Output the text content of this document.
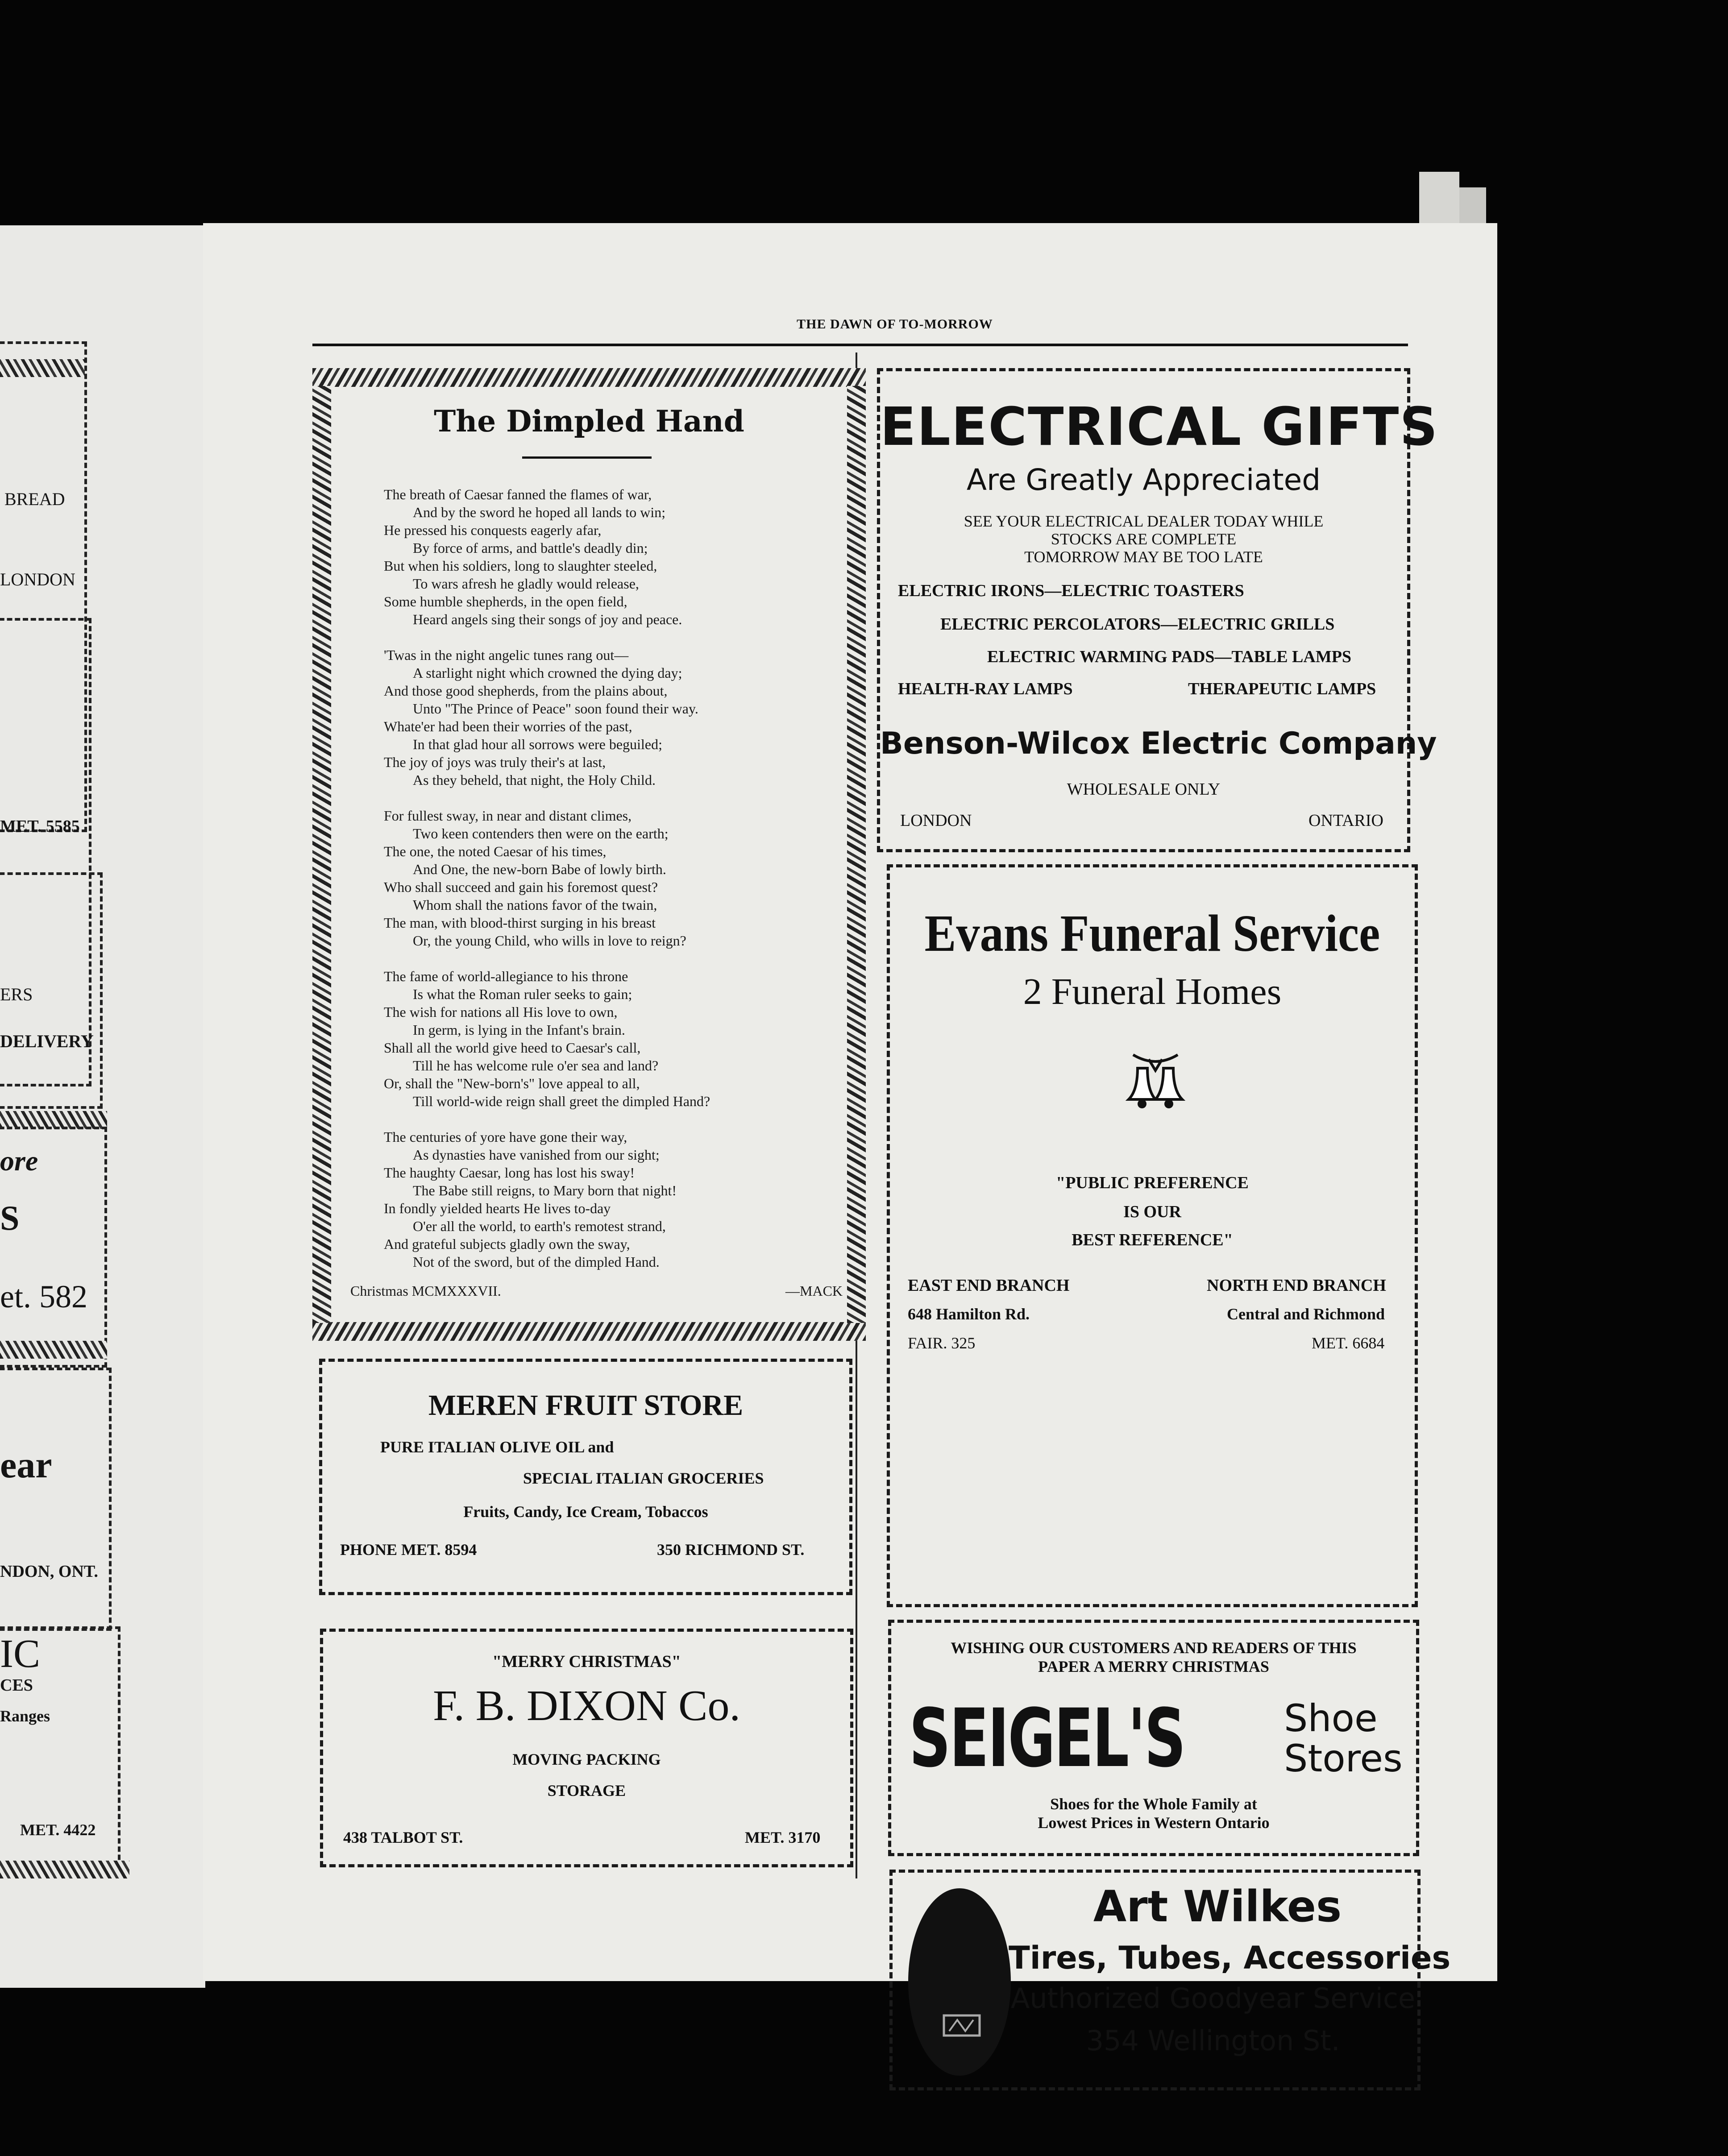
BREAD
LONDON
MET. 5585
ERS
DELIVERY
ore
S
et. 582
ear
NDON, ONT.
IC
CES
Ranges
MET. 4422
THE DAWN OF TO-MORROW
The Dimpled Hand
The breath of Caesar fanned the flames of war,
And by the sword he hoped all lands to win;
He pressed his conquests eagerly afar,
By force of arms, and battle's deadly din;
But when his soldiers, long to slaughter steeled,
To wars afresh he gladly would release,
Some humble shepherds, in the open field,
Heard angels sing their songs of joy and peace.
'Twas in the night angelic tunes rang out—
A starlight night which crowned the dying day;
And those good shepherds, from the plains about,
Unto "The Prince of Peace" soon found their way.
Whate'er had been their worries of the past,
In that glad hour all sorrows were beguiled;
The joy of joys was truly their's at last,
As they beheld, that night, the Holy Child.
For fullest sway, in near and distant climes,
Two keen contenders then were on the earth;
The one, the noted Caesar of his times,
And One, the new-born Babe of lowly birth.
Who shall succeed and gain his foremost quest?
Whom shall the nations favor of the twain,
The man, with blood-thirst surging in his breast
Or, the young Child, who wills in love to reign?
The fame of world-allegiance to his throne
Is what the Roman ruler seeks to gain;
The wish for nations all His love to own,
In germ, is lying in the Infant's brain.
Shall all the world give heed to Caesar's call,
Till he has welcome rule o'er sea and land?
Or, shall the "New-born's" love appeal to all,
Till world-wide reign shall greet the dimpled Hand?
The centuries of yore have gone their way,
As dynasties have vanished from our sight;
The haughty Caesar, long has lost his sway!
The Babe still reigns, to Mary born that night!
In fondly yielded hearts He lives to-day
O'er all the world, to earth's remotest strand,
And grateful subjects gladly own the sway,
Not of the sword, but of the dimpled Hand.
Christmas MCMXXXVII.	—MACK
MEREN FRUIT STORE
PURE ITALIAN OLIVE OIL and
SPECIAL ITALIAN GROCERIES
Fruits, Candy, Ice Cream, Tobaccos
PHONE MET. 8594	350 RICHMOND ST.
"MERRY CHRISTMAS"
F. B. DIXON Co.
MOVING PACKING
STORAGE
438 TALBOT ST.	MET. 3170
ELECTRICAL GIFTS
Are Greatly Appreciated
SEE YOUR ELECTRICAL DEALER TODAY WHILE
STOCKS ARE COMPLETE
TOMORROW MAY BE TOO LATE
ELECTRIC IRONS—ELECTRIC TOASTERS
ELECTRIC PERCOLATORS—ELECTRIC GRILLS
ELECTRIC WARMING PADS—TABLE LAMPS
HEALTH-RAY LAMPS	THERAPEUTIC LAMPS
Benson-Wilcox Electric Company
WHOLESALE ONLY
LONDON	ONTARIO
Evans Funeral Service
2 Funeral Homes
"PUBLIC PREFERENCE
IS OUR
BEST REFERENCE"
EAST END BRANCH
648 Hamilton Rd.
FAIR. 325
NORTH END BRANCH
Central and Richmond
MET. 6684
WISHING OUR CUSTOMERS AND READERS OF THIS
PAPER A MERRY CHRISTMAS
SEIGEL'S	Shoe
Stores
Shoes for the Whole Family at
Lowest Prices in Western Ontario
Art Wilkes
Tires, Tubes, Accessories
Authorized Goodyear Service
354 Wellington St.
